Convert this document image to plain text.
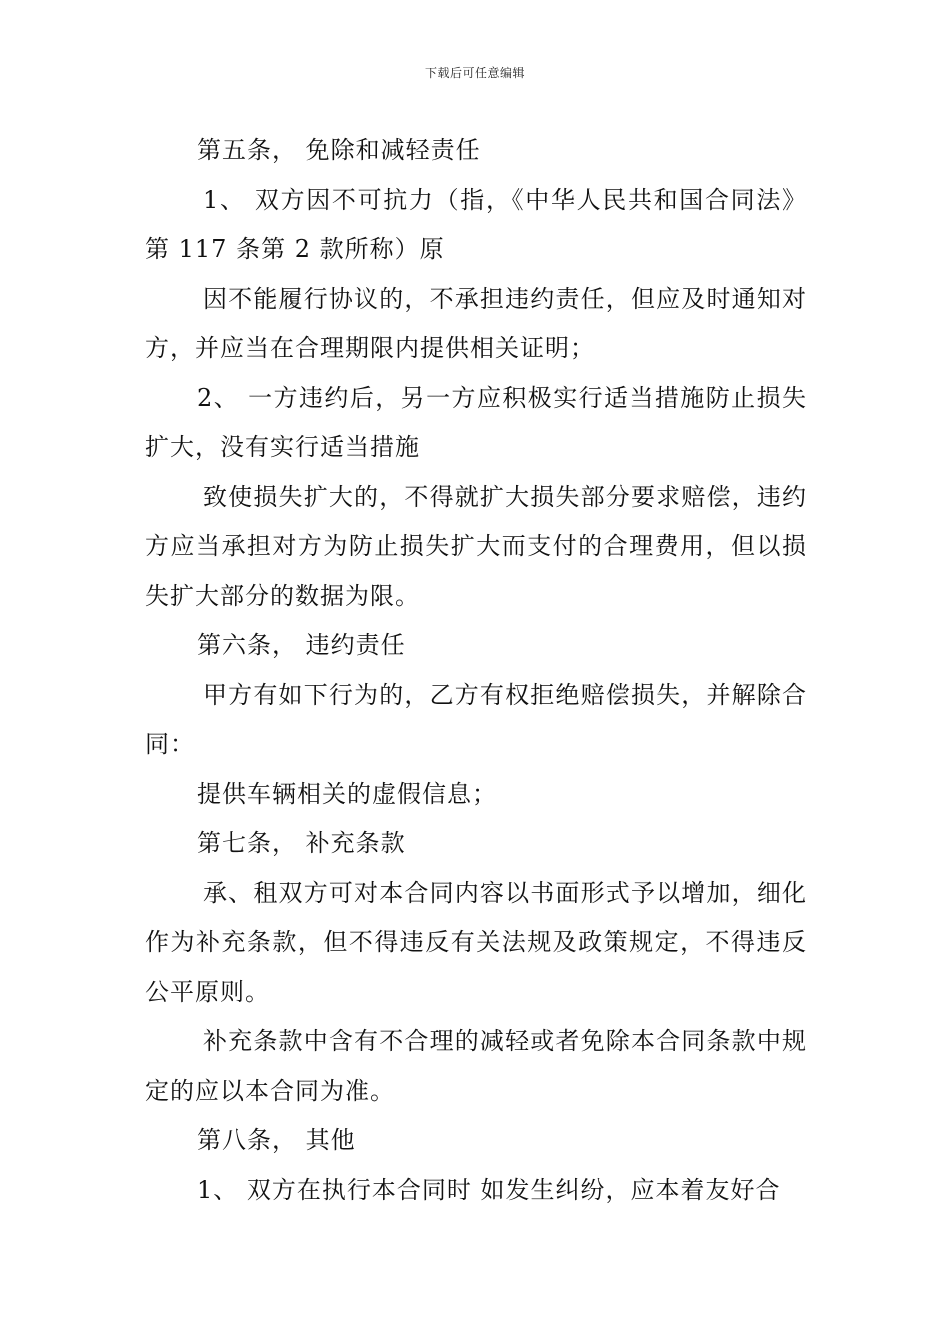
下载后可任意编辑

第五条， 免除和减轻责任

1、 双方因不可抗力（指，《中华人民共和国合同法》第 117 条第 2 款所称）原

因不能履行协议的，不承担违约责任，但应及时通知对方，并应当在合理期限内提供相关证明；

2、 一方违约后，另一方应积极实行适当措施防止损失扩大，没有实行适当措施

致使损失扩大的，不得就扩大损失部分要求赔偿，违约方应当承担对方为防止损失扩大而支付的合理费用，但以损失扩大部分的数据为限。

第六条， 违约责任

甲方有如下行为的，乙方有权拒绝赔偿损失，并解除合同：

提供车辆相关的虚假信息；

第七条， 补充条款

承、租双方可对本合同内容以书面形式予以增加，细化作为补充条款，但不得违反有关法规及政策规定，不得违反公平原则。

补充条款中含有不合理的减轻或者免除本合同条款中规定的应以本合同为准。

第八条， 其他

1、 双方在执行本合同时 如发生纠纷，应本着友好合
